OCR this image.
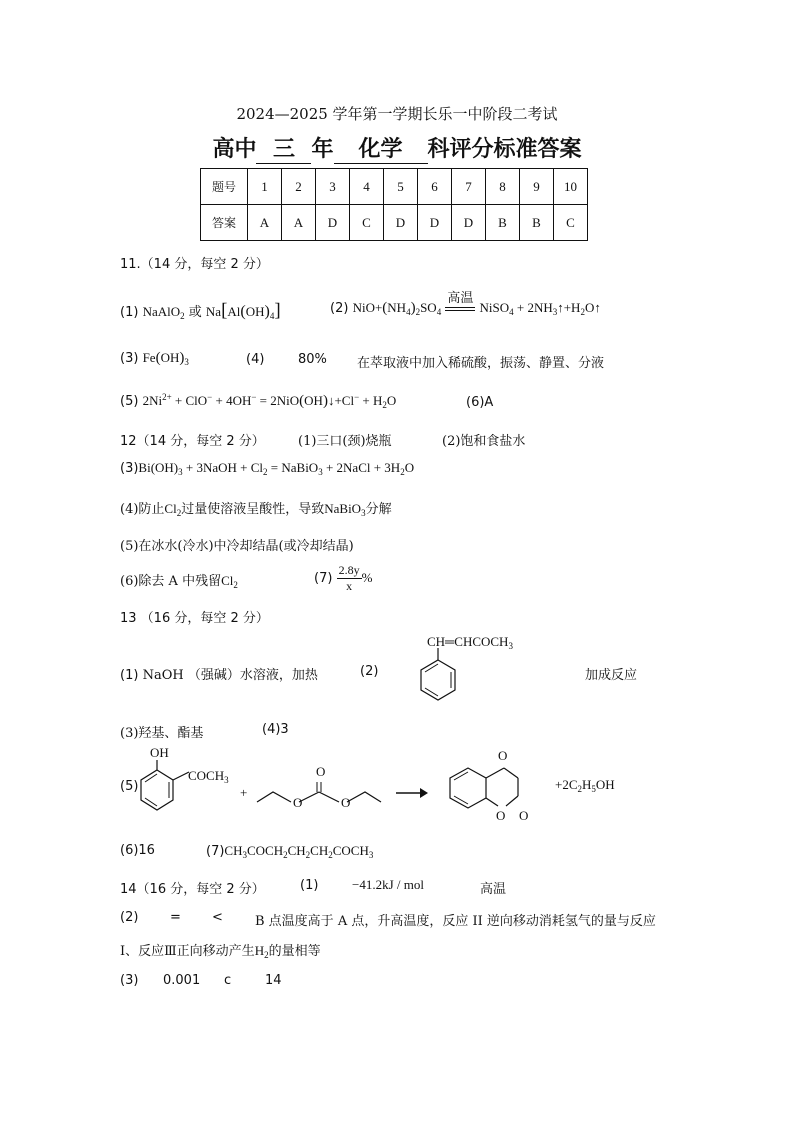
2024—2025 学年第一学期长乐一中阶段二考试
高中 三 年 化学 科评分标准答案
题号	1	2	3	4	5	6	7	8	9	10
答案	A	A	D	C	D	D	D	B	B	C
11.（14 分，每空 2 分）
(1) NaAlO$_2$ 或 $Na[Al(OH)_4]$	(2) $NiO+(NH_4)_2SO_4$
高温
NiSO$_4$ + $2NH_3↑+H_2O↑$
(3) $Fe(OH)_3$	(4)	80% 在萃取液中加入稀硫酸，振荡、静置、分液
(5) $2Ni^{2+} + ClO^- + 4OH^-$ = 2NiO(OH)↓+Cl− + $H_2O$	(6)A
12（14 分，每空 2 分）	(1)三口(颈)烧瓶	(2)饱和食盐水
$(3)Bi(OH)_3$ + 3NaOH + $Cl_2$ = NaBiO$_3$ + 2NaCl + $3H_2O$
(4)防止$Cl_2$过量使溶液呈酸性，导致NaBiO$_3$分解
(5)在冰水(冷水)中冷却结晶(或冷却结晶)
(6)除去 A 中残留$Cl_2$	$(7) \frac{2.8y}{x}$ %
13 （16 分，每空 2 分）
(1) NaOH （强碱）水溶液，加热	(2)
$CH═CHCOCH_3$
加成反应
(3)羟基、酯基	(4)3
(5)
OH
$COCH_3$
+
O
O	O
O
O O
$+2C_2H_5OH$
(6)16	$(7)CH_3COCH_2CH_2CH_2COCH_3$
14（16 分，每空 2 分）	(1)	−41.2kJ / mol	高温
(2) = < B 点温度高于 A 点，升高温度，反应 II 逆向移动消耗氢气的量与反应
Ⅰ、反应Ⅲ正向移动产生$H_2$的量相等
(3) 0.001 c	14
